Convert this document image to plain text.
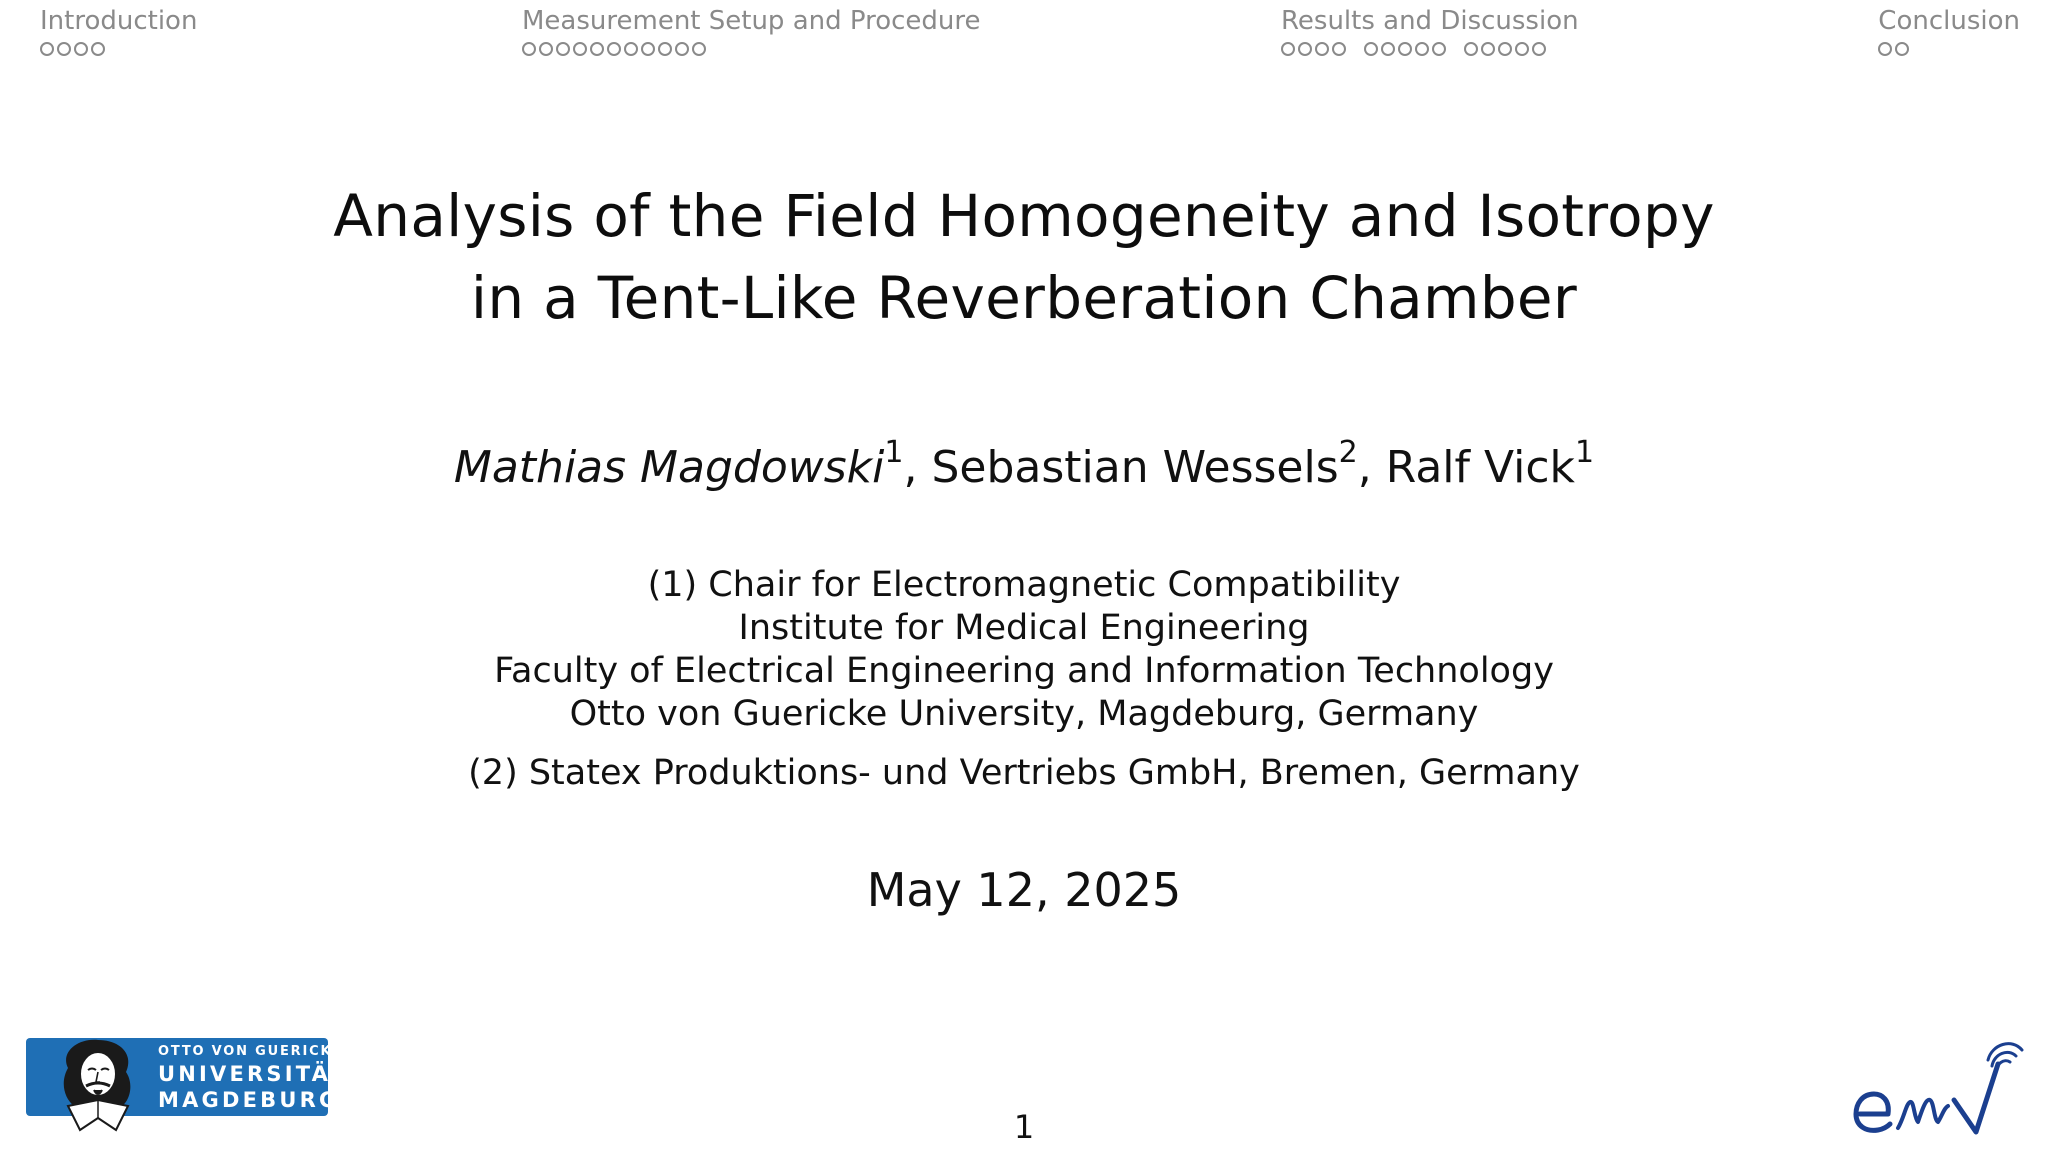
Introduction	Measurement Setup and Procedure	Results and Discussion	Conclusion
Analysis of the Field Homogeneity and Isotropy
in a Tent-Like Reverberation Chamber
Mathias Magdowski$^1$, Sebastian Wessels$^2$, Ralf Vick$^1$
(1) Chair for Electromagnetic Compatibility
Institute for Medical Engineering
Faculty of Electrical Engineering and Information Technology
Otto von Guericke University, Magdeburg, Germany
(2) Statex Produktions- und Vertriebs GmbH, Bremen, Germany
May 12, 2025
OTTO VON GUERICKE
UNIVERSITÄT
MAGDEBURG
1
